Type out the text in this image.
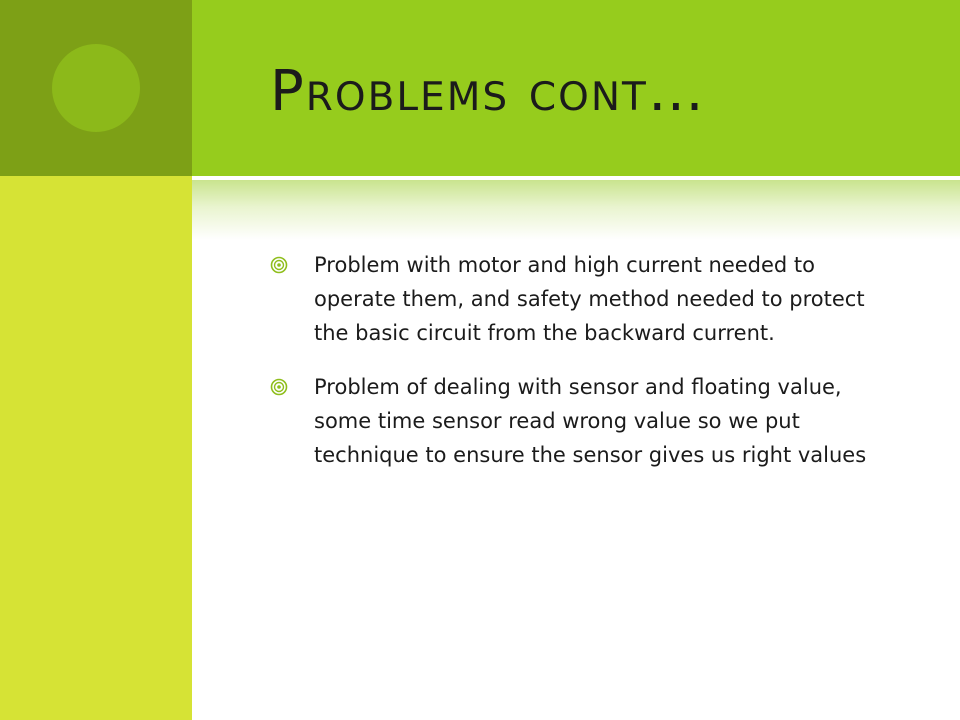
Problems cont…
Problem with motor and high current needed to operate them, and safety method needed to protect the basic circuit from the backward current.
Problem of dealing with sensor and floating value, some time sensor read wrong value so we put technique to ensure the sensor gives us right values
